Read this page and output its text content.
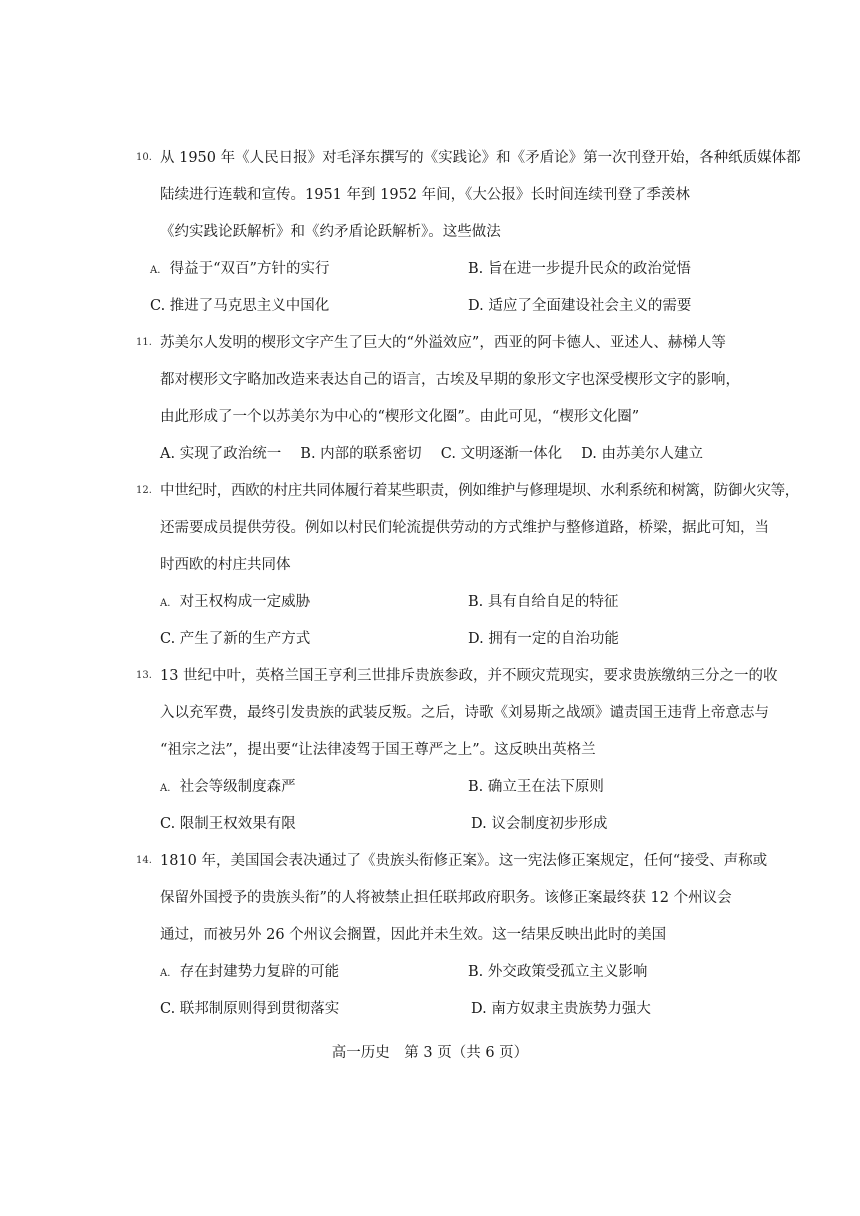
10. 从 1950 年《人民日报》对毛泽东撰写的《实践论》和《矛盾论》第一次刊登开始，各种纸质媒体都
陆续进行连载和宣传。1951 年到 1952 年间，《大公报》长时间连续刊登了季羡林
《约实践论跃解析》和《约矛盾论跃解析》。这些做法
A. 得益于“双百”方针的实行	B. 旨在进一步提升民众的政治觉悟
C. 推进了马克思主义中国化	D. 适应了全面建设社会主义的需要
11. 苏美尔人发明的楔形文字产生了巨大的“外溢效应”，西亚的阿卡德人、亚述人、赫梯人等
都对楔形文字略加改造来表达自己的语言，古埃及早期的象形文字也深受楔形文字的影响，
由此形成了一个以苏美尔为中心的“楔形文化圈”。由此可见，“楔形文化圈”
A. 实现了政治统一　 B. 内部的联系密切　 C. 文明逐渐一体化　 D. 由苏美尔人建立
12. 中世纪时，西欧的村庄共同体履行着某些职责，例如维护与修理堤坝、水利系统和树篱，防御火灾等，
还需要成员提供劳役。例如以村民们轮流提供劳动的方式维护与整修道路，桥梁，据此可知，当
时西欧的村庄共同体
A. 对王权构成一定威胁	B. 具有自给自足的特征
C. 产生了新的生产方式	D. 拥有一定的自治功能
13. 13 世纪中叶，英格兰国王亨利三世排斥贵族参政，并不顾灾荒现实，要求贵族缴纳三分之一的收
入以充军费，最终引发贵族的武装反叛。之后，诗歌《刘易斯之战颂》谴责国王违背上帝意志与
“祖宗之法”，提出要“让法律凌驾于国王尊严之上”。这反映出英格兰
A. 社会等级制度森严	B. 确立王在法下原则
C. 限制王权效果有限	D. 议会制度初步形成
14. 1810 年，美国国会表决通过了《贵族头衔修正案》。这一宪法修正案规定，任何“接受、声称或
保留外国授予的贵族头衔”的人将被禁止担任联邦政府职务。该修正案最终获 12 个州议会
通过，而被另外 26 个州议会搁置，因此并未生效。这一结果反映出此时的美国
A. 存在封建势力复辟的可能	B. 外交政策受孤立主义影响
C. 联邦制原则得到贯彻落实	D. 南方奴隶主贵族势力强大
高一历史　第 3 页（共 6 页）
